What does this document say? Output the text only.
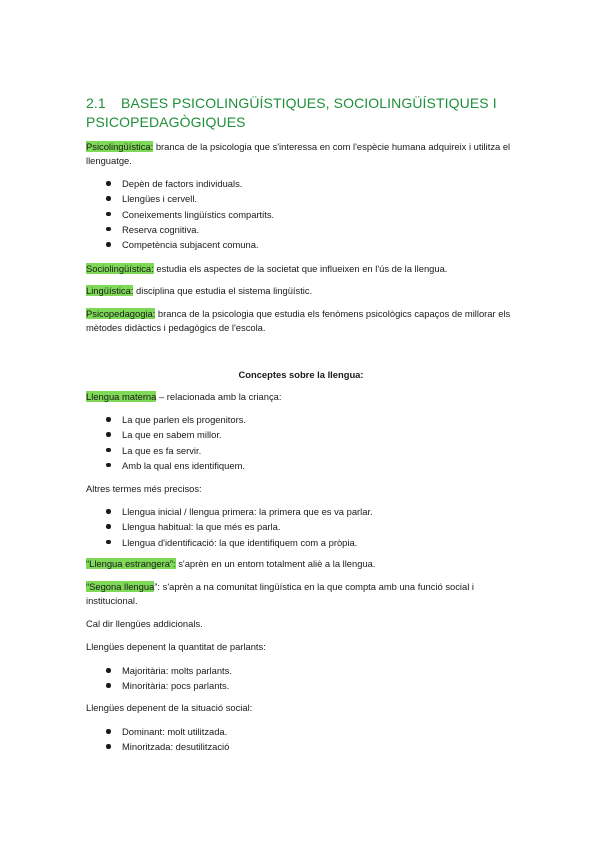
2.1 BASES PSICOLINGÜÍSTIQUES, SOCIOLINGÜÍSTIQUES I PSICOPEDAGÒGIQUES
Psicolingüística: branca de la psicologia que s'interessa en com l'espècie humana adquireix i utilitza el llenguatge.
Depèn de factors individuals.
Llengües i cervell.
Coneixements lingüístics compartits.
Reserva cognitiva.
Competència subjacent comuna.
Sociolingüística: estudia els aspectes de la societat que influeixen en l'ús de la llengua.
Lingüística: disciplina que estudia el sistema lingüístic.
Psicopedagogia: branca de la psicologia que estudia els fenòmens psicològics capaços de millorar els mètodes didàctics i pedagògics de l'escola.
Conceptes sobre la llengua:
Llengua materna – relacionada amb la criança:
La que parlen els progenitors.
La que en sabem millor.
La que es fa servir.
Amb la qual ens identifiquem.
Altres termes més precisos:
Llengua inicial / llengua primera: la primera que es va parlar.
Llengua habitual: la que més es parla.
Llengua d'identificació: la que identifiquem com a pròpia.
“Llengua estrangera”: s'aprèn en un entorn totalment aliè a la llengua.
“Segona llengua”: s'aprèn a na comunitat lingüística en la que compta amb una funció social i institucional.
Cal dir llengües addicionals.
Llengües depenent la quantitat de parlants:
Majoritària: molts parlants.
Minoritària: pocs parlants.
Llengües depenent de la situació social:
Dominant: molt utilitzada.
Minoritzada: desutilització
